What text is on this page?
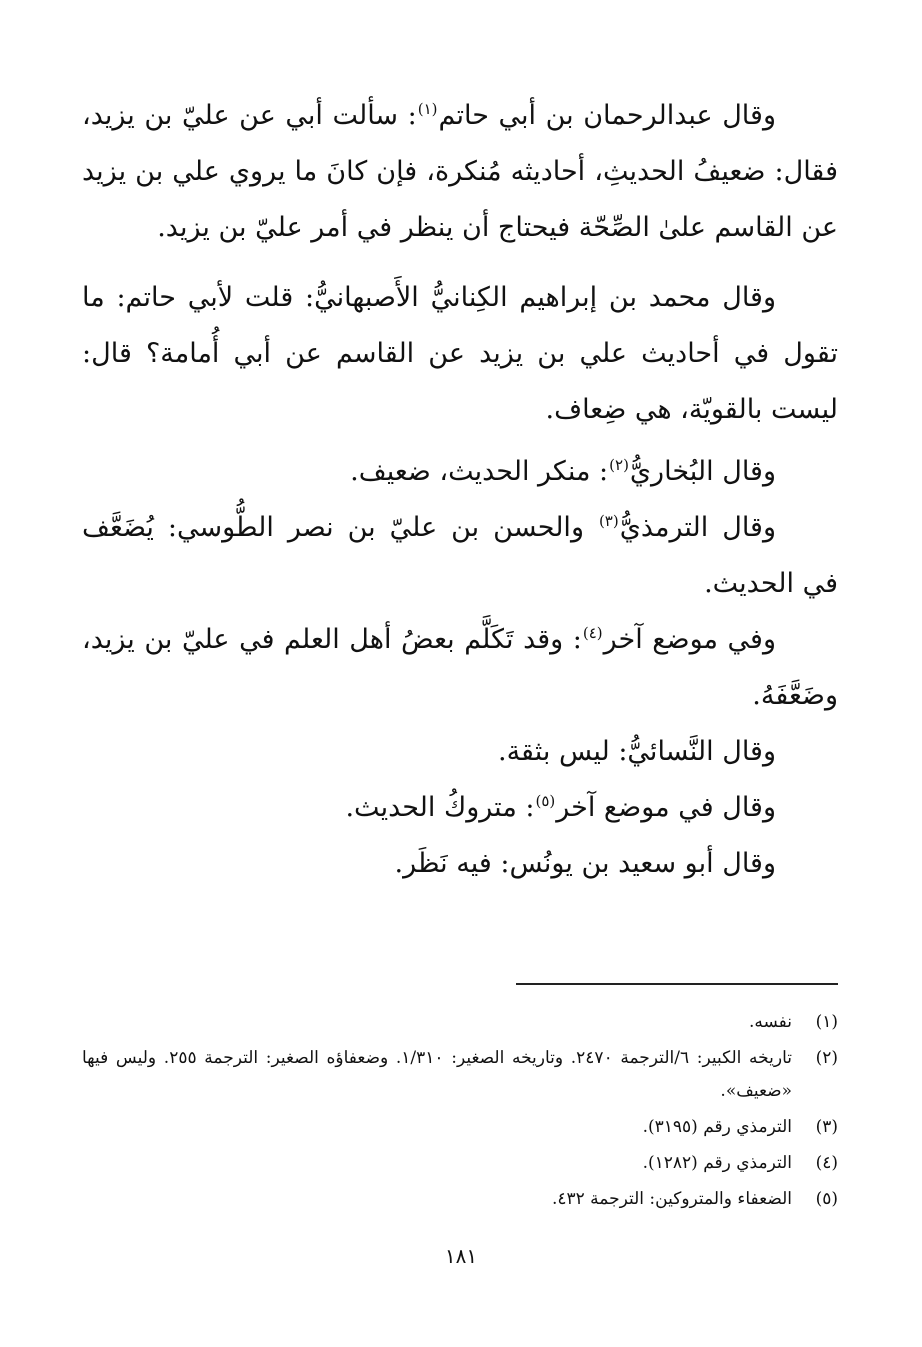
وقال عبدالرحمان بن أبي حاتم$^{(١)}$: سألت أبي عن عليّ بن يزيد، فقال: ضعيفُ الحديثِ، أحاديثه مُنكرة، فإن كانَ ما يروي علي بن يزيد عن القاسم علىٰ الصِّحّة فيحتاج أن ينظر في أمر عليّ بن يزيد.

وقال محمد بن إبراهيم الكِنانيُّ الأَصبهانيُّ: قلت لأبي حاتم: ما تقول في أحاديث علي بن يزيد عن القاسم عن أبي أُمامة؟ قال: ليست بالقويّة، هي ضِعاف.

وقال البُخاريُّ$^{(٢)}$: منكر الحديث، ضعيف.

وقال الترمذيُّ$^{(٣)}$ والحسن بن عليّ بن نصر الطُّوسي: يُضَعَّف في الحديث.

وفي موضع آخر$^{(٤)}$: وقد تَكَلَّم بعضُ أهل العلم في عليّ بن يزيد، وضَعَّفَهُ.

وقال النَّسائيُّ: ليس بثقة.

وقال في موضع آخر$^{(٥)}$: متروكُ الحديث.

وقال أبو سعيد بن يونُس: فيه نَظَر.

(١)
نفسه.
(٢)
تاريخه الكبير: ٦/الترجمة ٢٤٧٠. وتاريخه الصغير: ١/٣١٠. وضعفاؤه الصغير: الترجمة ٢٥٥. وليس فيها «ضعيف».
(٣)
الترمذي رقم (٣١٩٥).
(٤)
الترمذي رقم (١٢٨٢).
(٥)
الضعفاء والمتروكين: الترجمة ٤٣٢.
١٨١
